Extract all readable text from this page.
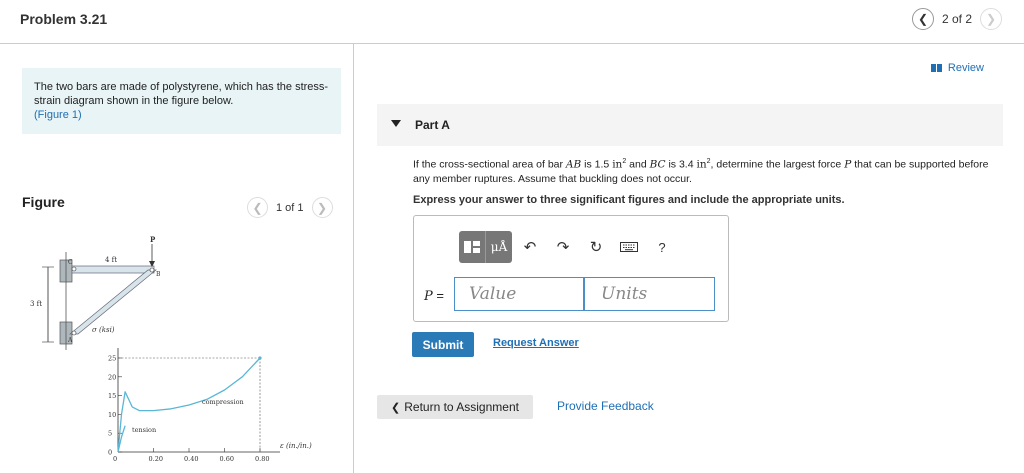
Problem 3.21	❮ 2 of 2 ❯
The two bars are made of polystyrene, which has the stress-strain diagram shown in the figure below.
(Figure 1)
Figure	❮ 1 of 1 ❯
3 ft
4 ft
P
C
B
A
σ (ksi)
ε (in./in.)
0
5
10
15
20
25
0	0.20	0.40	0.60	0.80
compression
tension
Review
Part A
If the cross-sectional area of bar AB is 1.5 $in^2$ and BC is 3.4 $in^2$, determine the largest force P that can be supported before any member ruptures. Assume that buckling does not occur.
Express your answer to three significant figures and include the appropriate units.
μÅ ↶ ↷ ↻	?
P =	Value	Units
Submit	Request Answer
❮ Return to Assignment	Provide Feedback
